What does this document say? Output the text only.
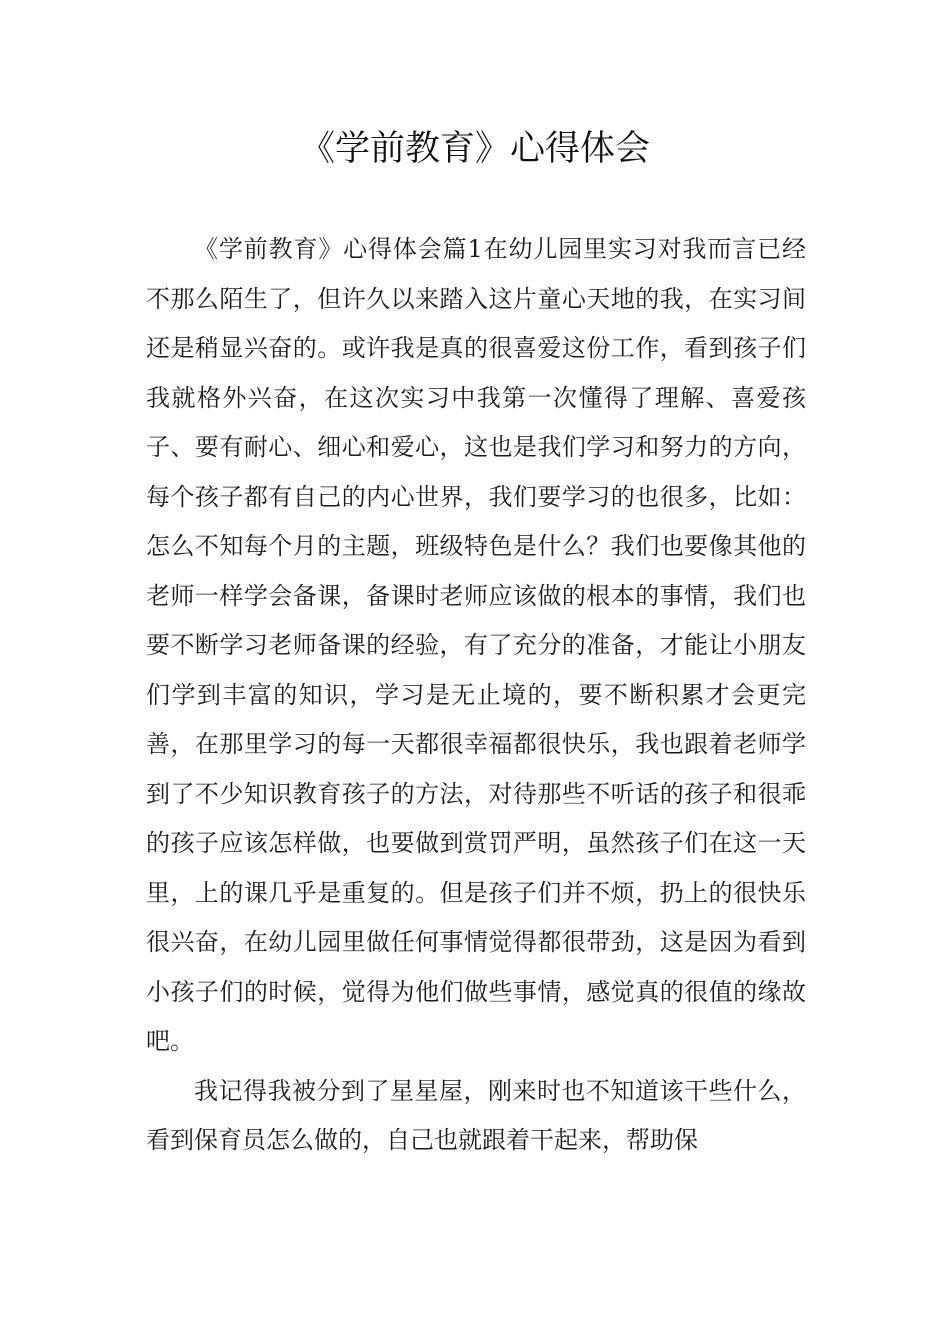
《学前教育》心得体会

《学前教育》心得体会篇1在幼儿园里实习对我而言已经不那么陌生了，但许久以来踏入这片童心天地的我，在实习间还是稍显兴奋的。或许我是真的很喜爱这份工作，看到孩子们我就格外兴奋，在这次实习中我第一次懂得了理解、喜爱孩子、要有耐心、细心和爱心，这也是我们学习和努力的方向，每个孩子都有自己的内心世界，我们要学习的也很多，比如：怎么不知每个月的主题，班级特色是什么？我们也要像其他的老师一样学会备课，备课时老师应该做的根本的事情，我们也要不断学习老师备课的经验，有了充分的准备，才能让小朋友们学到丰富的知识，学习是无止境的，要不断积累才会更完善，在那里学习的每一天都很幸福都很快乐，我也跟着老师学到了不少知识教育孩子的方法，对待那些不听话的孩子和很乖的孩子应该怎样做，也要做到赏罚严明，虽然孩子们在这一天里，上的课几乎是重复的。但是孩子们并不烦，扔上的很快乐很兴奋，在幼儿园里做任何事情觉得都很带劲，这是因为看到小孩子们的时候，觉得为他们做些事情，感觉真的很值的缘故吧。

我记得我被分到了星星屋，刚来时也不知道该干些什么，看到保育员怎么做的，自己也就跟着干起来，帮助保
